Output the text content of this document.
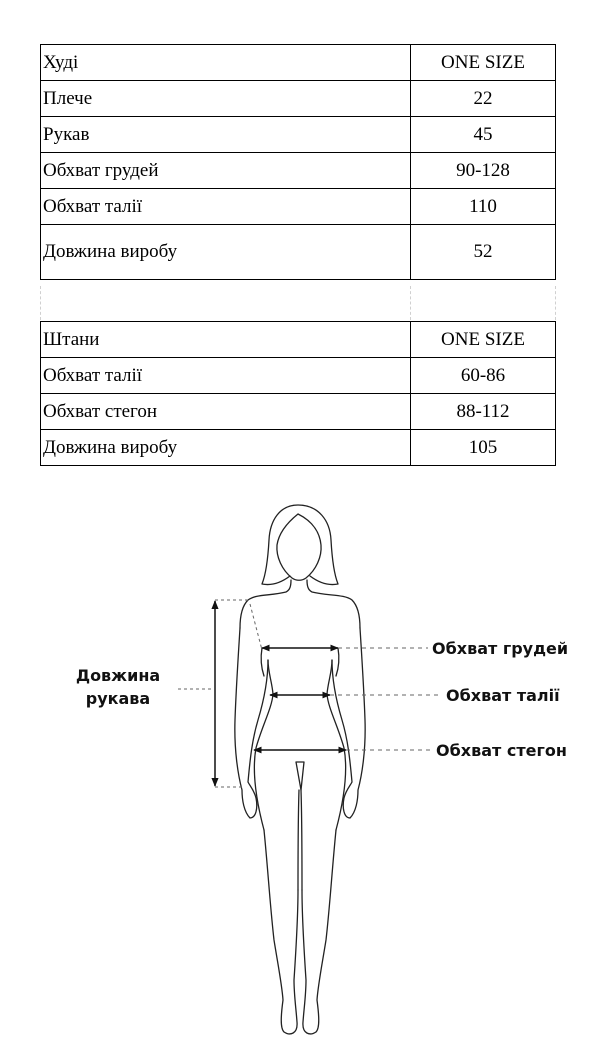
Худі	ONE SIZE
Плече	22
Рукав	45
Обхват грудей	90-128
Обхват талії	110
Довжина виробу	52
Штани	ONE SIZE
Обхват талії	60-86
Обхват стегон	88-112
Довжина виробу	105
Довжина
рукава
Обхват грудей
Обхват талії
Обхват стегон
